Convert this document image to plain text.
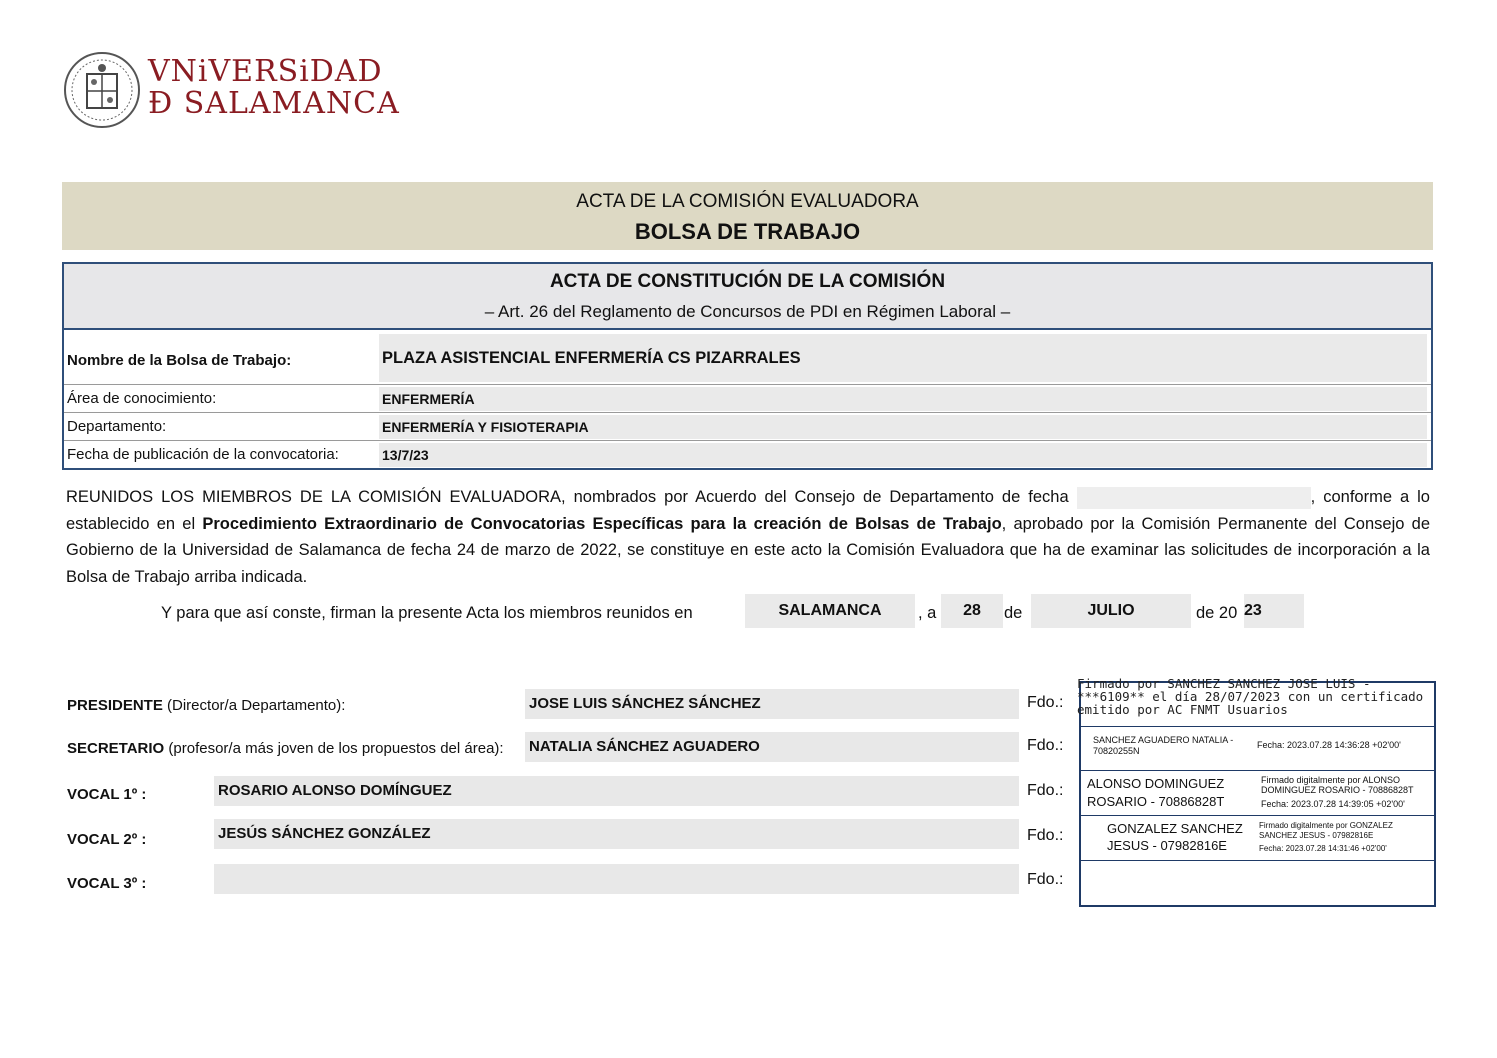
VNiVERSiDAD
Ð SALAMANCA
ACTA DE LA COMISIÓN EVALUADORA
BOLSA DE TRABAJO
ACTA DE CONSTITUCIÓN DE LA COMISIÓN
– Art. 26 del Reglamento de Concursos de PDI en Régimen Laboral –
Nombre de la Bolsa de Trabajo:	PLAZA ASISTENCIAL ENFERMERÍA CS PIZARRALES
Área de conocimiento:	ENFERMERÍA
Departamento:	ENFERMERÍA Y FISIOTERAPIA
Fecha de publicación de la convocatoria:	13/7/23
REUNIDOS LOS MIEMBROS DE LA COMISIÓN EVALUADORA, nombrados por Acuerdo del Consejo de Departamento de fecha	, conforme a lo establecido en el Procedimiento Extraordinario de Convocatorias Específicas para la creación de Bolsas de Trabajo, aprobado por la Comisión Permanente del Consejo de Gobierno de la Universidad de Salamanca de fecha 24 de marzo de 2022, se constituye en este acto la Comisión Evaluadora que ha de examinar las solicitudes de incorporación a la Bolsa de Trabajo arriba indicada.
Y para que así conste, firman la presente Acta los miembros reunidos en	SALAMANCA	, a	28	de	JULIO	de 20 23
PRESIDENTE (Director/a Departamento):	JOSE LUIS SÁNCHEZ SÁNCHEZ	Fdo.:
SECRETARIO (profesor/a más joven de los propuestos del área): NATALIA SÁNCHEZ AGUADERO	Fdo.:
VOCAL 1º :	ROSARIO ALONSO DOMÍNGUEZ	Fdo.:
VOCAL 2º :	JESÚS SÁNCHEZ GONZÁLEZ	Fdo.:
VOCAL 3º :	Fdo.:
Firmado por SANCHEZ SANCHEZ JOSE LUIS - ***6109** el día 28/07/2023 con un certificado emitido por AC FNMT Usuarios
SANCHEZ AGUADERO NATALIA - 70820255N
Fecha: 2023.07.28 14:36:28 +02'00'
ALONSO DOMINGUEZ ROSARIO - 70886828T
Firmado digitalmente por ALONSO DOMINGUEZ ROSARIO - 70886828T
Fecha: 2023.07.28 14:39:05 +02'00'
GONZALEZ SANCHEZ JESUS - 07982816E
Firmado digitalmente por GONZALEZ SANCHEZ JESUS - 07982816E
Fecha: 2023.07.28 14:31:46 +02'00'
